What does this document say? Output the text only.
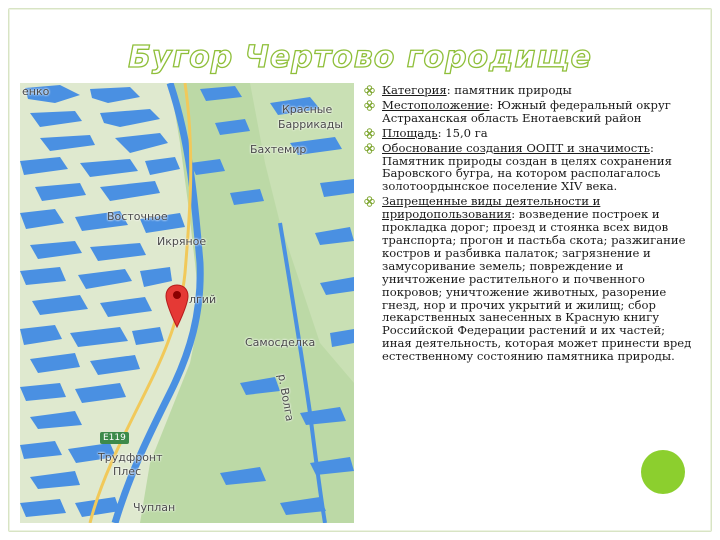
Бугор Чертово городище
енко
Красные
Баррикады
Бахтемир
Восточное
Икряное
лгий
Самосделка
р. Волга
E119
Трудфронт
Плес
Чуплан
Категория: памятник природы
Местоположение: Южный федеральный округ Астраханская область Енотаевский район
Площадь: 15,0 га
Обоснование создания ООПТ и значимость: Памятник природы создан в целях сохранения Баровского бугра, на котором располагалось золотоордынское поселение XIV века.
Запрещенные виды деятельности и природопользования: возведение построек и прокладка дорог; проезд и стоянка всех видов транспорта; прогон и пастьба скота; разжигание костров и разбивка палаток; загрязнение и замусоривание земель; повреждение и уничтожение растительного и почвенного покровов; уничтожение животных, разорение гнезд, нор и прочих укрытий и жилищ; сбор лекарственных занесенных в Красную книгу Российской Федерации растений и их частей; иная деятельность, которая может принести вред естественному состоянию памятника природы.
